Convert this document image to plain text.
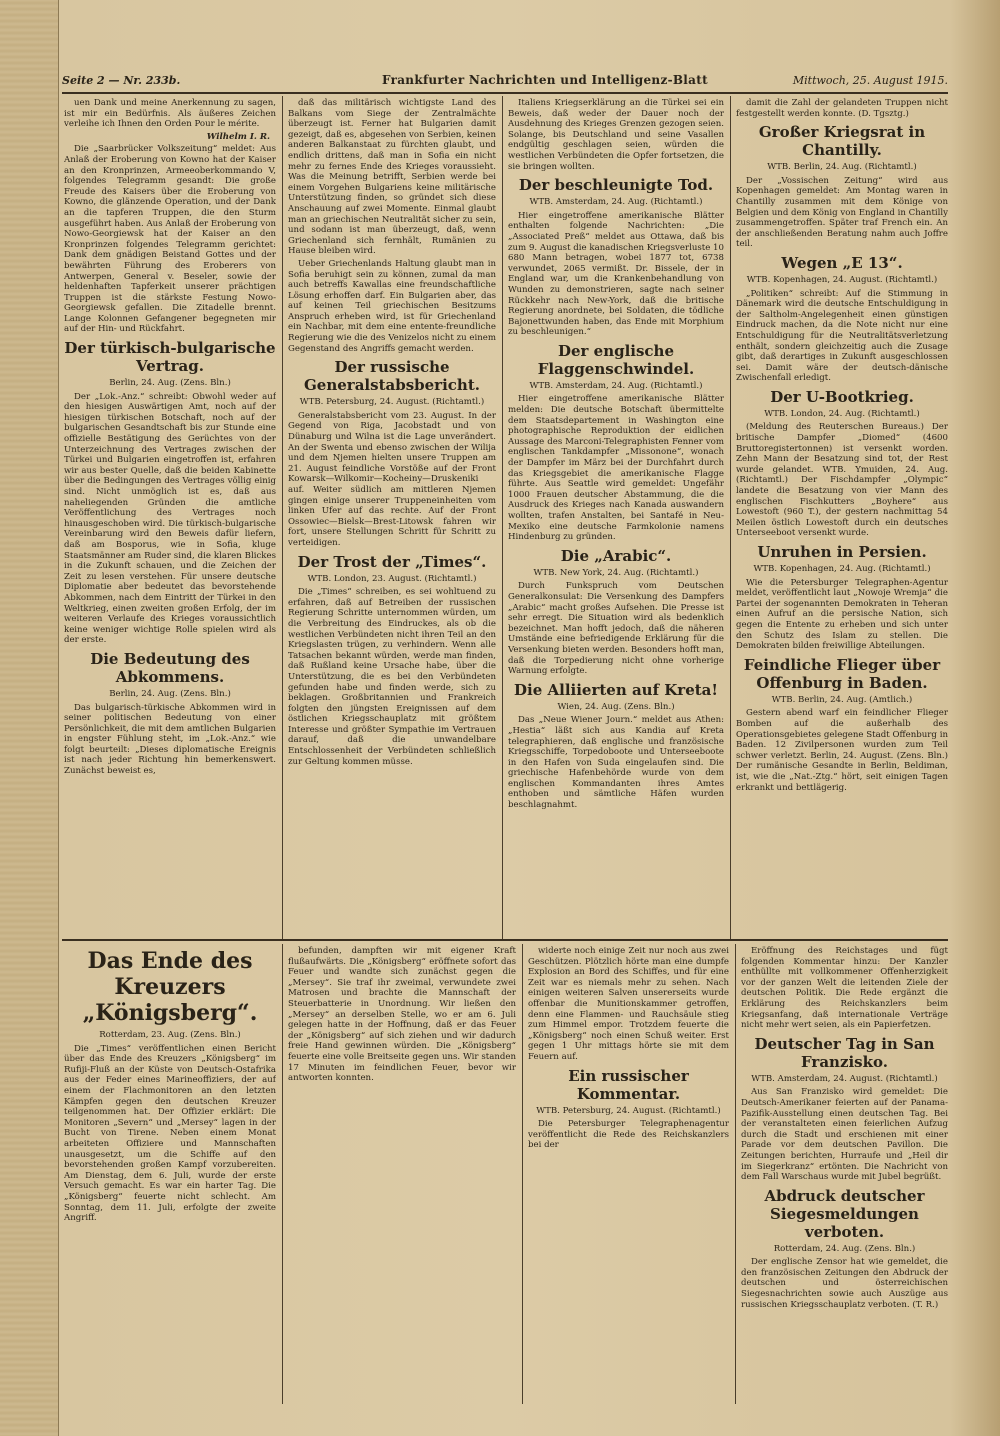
Seite 2 — Nr. 233b.	Frankfurter Nachrichten und Intelligenz-Blatt	Mittwoch, 25. August 1915.

uen Dank und meine Anerkennung zu sagen, ist mir ein Bedürfnis. Als äußeres Zeichen verleihe ich Ihnen den Orden Pour le mérite.

Wilhelm I. R.

Die „Saarbrücker Volkszeitung“ meldet: Aus Anlaß der Eroberung von Kowno hat der Kaiser an den Kronprinzen, Armeeoberkommando V, folgendes Telegramm gesandt: Die große Freude des Kaisers über die Eroberung von Kowno, die glänzende Operation, und der Dank an die tapferen Truppen, die den Sturm ausgeführt haben. Aus Anlaß der Eroberung von Nowo-Georgiewsk hat der Kaiser an den Kronprinzen folgendes Telegramm gerichtet: Dank dem gnädigen Beistand Gottes und der bewährten Führung des Eroberers von Antwerpen, General v. Beseler, sowie der heldenhaften Tapferkeit unserer prächtigen Truppen ist die stärkste Festung Nowo-Georgiewsk gefallen. Die Zitadelle brennt. Lange Kolonnen Gefangener begegneten mir auf der Hin- und Rückfahrt.

Der türkisch-bulgarische Vertrag.
Berlin, 24. Aug. (Zens. Bln.)

Der „Lok.-Anz.“ schreibt: Obwohl weder auf den hiesigen Auswärtigen Amt, noch auf der hiesigen türkischen Botschaft, noch auf der bulgarischen Gesandtschaft bis zur Stunde eine offizielle Bestätigung des Gerüchtes von der Unterzeichnung des Vertrages zwischen der Türkei und Bulgarien eingetroffen ist, erfahren wir aus bester Quelle, daß die beiden Kabinette über die Bedingungen des Vertrages völlig einig sind. Nicht unmöglich ist es, daß aus naheliegenden Gründen die amtliche Veröffentlichung des Vertrages noch hinausgeschoben wird. Die türkisch-bulgarische Vereinbarung wird den Beweis dafür liefern, daß am Bosporus, wie in Sofia, kluge Staatsmänner am Ruder sind, die klaren Blickes in die Zukunft schauen, und die Zeichen der Zeit zu lesen verstehen. Für unsere deutsche Diplomatie aber bedeutet das bevorstehende Abkommen, nach dem Eintritt der Türkei in den Weltkrieg, einen zweiten großen Erfolg, der im weiteren Verlaufe des Krieges voraussichtlich keine weniger wichtige Rolle spielen wird als der erste.

Die Bedeutung des Abkommens.
Berlin, 24. Aug. (Zens. Bln.)

Das bulgarisch-türkische Abkommen wird in seiner politischen Bedeutung von einer Persönlichkeit, die mit dem amtlichen Bulgarien in engster Fühlung steht, im „Lok.-Anz.“ wie folgt beurteilt: „Dieses diplomatische Ereignis ist nach jeder Richtung hin bemerkenswert. Zunächst beweist es,

daß das militärisch wichtigste Land des Balkans vom Siege der Zentralmächte überzeugt ist. Ferner hat Bulgarien damit gezeigt, daß es, abgesehen von Serbien, keinen anderen Balkanstaat zu fürchten glaubt, und endlich drittens, daß man in Sofia ein nicht mehr zu fernes Ende des Krieges voraussieht. Was die Meinung betrifft, Serbien werde bei einem Vorgehen Bulgariens keine militärische Unterstützung finden, so gründet sich diese Anschauung auf zwei Momente. Einmal glaubt man an griechischen Neutralität sicher zu sein, und sodann ist man überzeugt, daß, wenn Griechenland sich fernhält, Rumänien zu Hause bleiben wird.

Ueber Griechenlands Haltung glaubt man in Sofia beruhigt sein zu können, zumal da man auch betreffs Kawallas eine freundschaftliche Lösung erhoffen darf. Ein Bulgarien aber, das auf keinen Teil griechischen Besitzums Anspruch erheben wird, ist für Griechenland ein Nachbar, mit dem eine entente-freundliche Regierung wie die des Venizelos nicht zu einem Gegenstand des Angriffs gemacht werden.

Der russische Generalstabsbericht.
WTB. Petersburg, 24. August. (Richtamtl.)

Generalstabsbericht vom 23. August. In der Gegend von Riga, Jacobstadt und von Dünaburg und Wilna ist die Lage unverändert. An der Swenta und ebenso zwischen der Wilija und dem Njemen hielten unsere Truppen am 21. August feindliche Vorstöße auf der Front Kowarsk—Wilkomir—Kocheiny—Druskeniki auf. Weiter südlich am mittleren Njemen gingen einige unserer Truppeneinheiten vom linken Ufer auf das rechte. Auf der Front Ossowiec—Bielsk—Brest-Litowsk fahren wir fort, unsere Stellungen Schritt für Schritt zu verteidigen.

Der Trost der „Times“.
WTB. London, 23. August. (Richtamtl.)

Die „Times“ schreiben, es sei wohltuend zu erfahren, daß auf Betreiben der russischen Regierung Schritte unternommen würden, um die Verbreitung des Eindruckes, als ob die westlichen Verbündeten nicht ihren Teil an den Kriegslasten trügen, zu verhindern. Wenn alle Tatsachen bekannt würden, werde man finden, daß Rußland keine Ursache habe, über die Unterstützung, die es bei den Verbündeten gefunden habe und finden werde, sich zu beklagen. Großbritannien und Frankreich folgten den jüngsten Ereignissen auf dem östlichen Kriegsschauplatz mit größtem Interesse und größter Sympathie im Vertrauen darauf, daß die unwandelbare Entschlossenheit der Verbündeten schließlich zur Geltung kommen müsse.

Italiens Kriegserklärung an die Türkei sei ein Beweis, daß weder der Dauer noch der Ausdehnung des Krieges Grenzen gezogen seien. Solange, bis Deutschland und seine Vasallen endgültig geschlagen seien, würden die westlichen Verbündeten die Opfer fortsetzen, die sie bringen wollten.

Der beschleunigte Tod.
WTB. Amsterdam, 24. Aug. (Richtamtl.)

Hier eingetroffene amerikanische Blätter enthalten folgende Nachrichten: „Die „Associated Preß“ meldet aus Ottawa, daß bis zum 9. August die kanadischen Kriegsverluste 10 680 Mann betragen, wobei 1877 tot, 6738 verwundet, 2065 vermißt. Dr. Bissele, der in England war, um die Krankenbehandlung von Wunden zu demonstrieren, sagte nach seiner Rückkehr nach New-York, daß die britische Regierung anordnete, bei Soldaten, die tödliche Bajonettwunden haben, das Ende mit Morphium zu beschleunigen.“

Der englische Flaggenschwindel.
WTB. Amsterdam, 24. Aug. (Richtamtl.)

Hier eingetroffene amerikanische Blätter melden: Die deutsche Botschaft übermittelte dem Staatsdepartement in Washington eine photographische Reproduktion der eidlichen Aussage des Marconi-Telegraphisten Fenner vom englischen Tankdampfer „Missonone“, wonach der Dampfer im März bei der Durchfahrt durch das Kriegsgebiet die amerikanische Flagge führte. Aus Seattle wird gemeldet: Ungefähr 1000 Frauen deutscher Abstammung, die die Ausdruck des Krieges nach Kanada auswandern wollten, trafen Anstalten, bei Santafé in Neu-Mexiko eine deutsche Farmkolonie namens Hindenburg zu gründen.

Die „Arabic“.
WTB. New York, 24. Aug. (Richtamtl.)

Durch Funkspruch vom Deutschen Generalkonsulat: Die Versenkung des Dampfers „Arabic“ macht großes Aufsehen. Die Presse ist sehr erregt. Die Situation wird als bedenklich bezeichnet. Man hofft jedoch, daß die näheren Umstände eine befriedigende Erklärung für die Versenkung bieten werden. Besonders hofft man, daß die Torpedierung nicht ohne vorherige Warnung erfolgte.

Die Alliierten auf Kreta!
Wien, 24. Aug. (Zens. Bln.)

Das „Neue Wiener Journ.“ meldet aus Athen: „Hestia“ läßt sich aus Kandia auf Kreta telegraphieren, daß englische und französische Kriegsschiffe, Torpedoboote und Unterseeboote in den Hafen von Suda eingelaufen sind. Die griechische Hafenbehörde wurde von dem englischen Kommandanten ihres Amtes enthoben und sämtliche Häfen wurden beschlagnahmt.

damit die Zahl der gelandeten Truppen nicht festgestellt werden konnte. (D. Tgsztg.)

Großer Kriegsrat in Chantilly.
WTB. Berlin, 24. Aug. (Richtamtl.)

Der „Vossischen Zeitung“ wird aus Kopenhagen gemeldet: Am Montag waren in Chantilly zusammen mit dem Könige von Belgien und dem König von England in Chantilly zusammengetroffen. Später traf French ein. An der anschließenden Beratung nahm auch Joffre teil.

Wegen „E 13“.
WTB. Kopenhagen, 24. August. (Richtamtl.)

„Politiken“ schreibt: Auf die Stimmung in Dänemark wird die deutsche Entschuldigung in der Saltholm-Angelegenheit einen günstigen Eindruck machen, da die Note nicht nur eine Entschuldigung für die Neutralitätsverletzung enthält, sondern gleichzeitig auch die Zusage gibt, daß derartiges in Zukunft ausgeschlossen sei. Damit wäre der deutsch-dänische Zwischenfall erledigt.

Der U-Bootkrieg.
WTB. London, 24. Aug. (Richtamtl.)

(Meldung des Reuterschen Bureaus.) Der britische Dampfer „Diomed“ (4600 Bruttoregistertonnen) ist versenkt worden. Zehn Mann der Besatzung sind tot, der Rest wurde gelandet. WTB. Ymuiden, 24. Aug. (Richtamtl.) Der Fischdampfer „Olympic“ landete die Besatzung von vier Mann des englischen Fischkutters „Boyhere“ aus Lowestoft (960 T.), der gestern nachmittag 54 Meilen östlich Lowestoft durch ein deutsches Unterseeboot versenkt wurde.

Unruhen in Persien.
WTB. Kopenhagen, 24. Aug. (Richtamtl.)

Wie die Petersburger Telegraphen-Agentur meldet, veröffentlicht laut „Nowoje Wremja“ die Partei der sogenannten Demokraten in Teheran einen Aufruf an die persische Nation, sich gegen die Entente zu erheben und sich unter den Schutz des Islam zu stellen. Die Demokraten bilden freiwillige Abteilungen.

Feindliche Flieger über Offenburg in Baden.
WTB. Berlin, 24. Aug. (Amtlich.)

Gestern abend warf ein feindlicher Flieger Bomben auf die außerhalb des Operationsgebietes gelegene Stadt Offenburg in Baden. 12 Zivilpersonen wurden zum Teil schwer verletzt. Berlin, 24. August. (Zens. Bln.) Der rumänische Gesandte in Berlin, Beldiman, ist, wie die „Nat.-Ztg.“ hört, seit einigen Tagen erkrankt und bettlägerig.

Das Ende des Kreuzers „Königsberg“.
Rotterdam, 23. Aug. (Zens. Bln.)

Die „Times“ veröffentlichen einen Bericht über das Ende des Kreuzers „Königsberg“ im Rufiji-Fluß an der Küste von Deutsch-Ostafrika aus der Feder eines Marineoffiziers, der auf einem der Flachmonitoren an den letzten Kämpfen gegen den deutschen Kreuzer teilgenommen hat. Der Offizier erklärt: Die Monitoren „Severn“ und „Mersey“ lagen in der Bucht von Tirene. Neben einem Monat arbeiteten Offiziere und Mannschaften unausgesetzt, um die Schiffe auf den bevorstehenden großen Kampf vorzubereiten. Am Dienstag, dem 6. Juli, wurde der erste Versuch gemacht. Es war ein harter Tag. Die „Königsberg“ feuerte nicht schlecht. Am Sonntag, dem 11. Juli, erfolgte der zweite Angriff.

befunden, dampften wir mit eigener Kraft flußaufwärts. Die „Königsberg“ eröffnete sofort das Feuer und wandte sich zunächst gegen die „Mersey“. Sie traf ihr zweimal, verwundete zwei Matrosen und brachte die Mannschaft der Steuerbatterie in Unordnung. Wir ließen den „Mersey“ an derselben Stelle, wo er am 6. Juli gelegen hatte in der Hoffnung, daß er das Feuer der „Königsberg“ auf sich ziehen und wir dadurch freie Hand gewinnen würden. Die „Königsberg“ feuerte eine volle Breitseite gegen uns. Wir standen 17 Minuten im feindlichen Feuer, bevor wir antworten konnten.

widerte noch einige Zeit nur noch aus zwei Geschützen. Plötzlich hörte man eine dumpfe Explosion an Bord des Schiffes, und für eine Zeit war es niemals mehr zu sehen. Nach einigen weiteren Salven unsererseits wurde offenbar die Munitionskammer getroffen, denn eine Flammen- und Rauchsäule stieg zum Himmel empor. Trotzdem feuerte die „Königsberg“ noch einen Schuß weiter. Erst gegen 1 Uhr mittags hörte sie mit dem Feuern auf.

Ein russischer Kommentar.
WTB. Petersburg, 24. August. (Richtamtl.)

Die Petersburger Telegraphenagentur veröffentlicht die Rede des Reichskanzlers bei der

Eröffnung des Reichstages und fügt folgenden Kommentar hinzu: Der Kanzler enthüllte mit vollkommener Offenherzigkeit vor der ganzen Welt die leitenden Ziele der deutschen Politik. Die Rede ergänzt die Erklärung des Reichskanzlers beim Kriegsanfang, daß internationale Verträge nicht mehr wert seien, als ein Papierfetzen.

Deutscher Tag in San Franzisko.
WTB. Amsterdam, 24. August. (Richtamtl.)

Aus San Franzisko wird gemeldet: Die Deutsch-Amerikaner feierten auf der Panama-Pazifik-Ausstellung einen deutschen Tag. Bei der veranstalteten einen feierlichen Aufzug durch die Stadt und erschienen mit einer Parade vor dem deutschen Pavillon. Die Zeitungen berichten, Hurraufe und „Heil dir im Siegerkranz“ ertönten. Die Nachricht von dem Fall Warschaus wurde mit Jubel begrüßt.

Abdruck deutscher Siegesmeldungen verboten.
Rotterdam, 24. Aug. (Zens. Bln.)

Der englische Zensor hat wie gemeldet, die den französischen Zeitungen den Abdruck der deutschen und österreichischen Siegesnachrichten sowie auch Auszüge aus russischen Kriegsschauplatz verboten. (T. R.)
